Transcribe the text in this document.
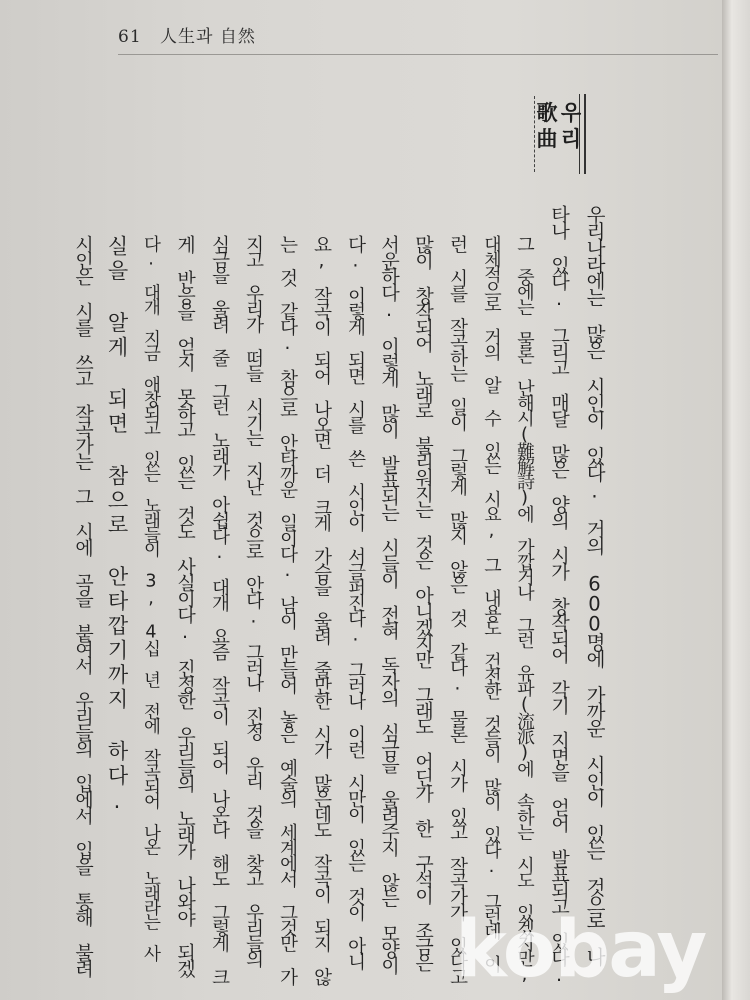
61 人生과 自然
우
리
歌
曲
우리나라에는 많은 시인이 있다. 거의 600명에 가까운 시인이 있는 것으로 나
타나 있다. 그리고 매달 많은 양의 시가 창작되어 각기 지면을 얻어 발표되고 있다.
그 중에는 물론 난해시(難解詩)에 가깝거나 그런 유파(流派)에 속하는 시도 있겠지만,
대체적으로 거의 알 수 있는 시요, 그 내용도 건전한 것들이 많이 있다. 그런데 이
런 시를 작곡하는 일이 그렇게 많지 않은 것 같다. 물론 시가 있고 작곡가가 있다고
많이 창작되어 노래로 불리워지는 것은 아니겠지만 그래도 어딘가 한 구석이 조금은
서운하다. 이렇게 많이 발표되는 시들이 전혀 독자의 심금을 울려주지 않는 모양이
다. 이렇게 되면 시를 쓴 시인이 서글퍼진다. 그러나 이런 시만이 있는 것이 아니
요, 작곡이 되어 나오면 더 크게 가슴을 울려 줄만한 시가 많은데도 작곡이 되지 않
는 것 같다. 참으로 안타까운 일이다. 남이 만들어 놓은 예술의 세계에서 그것만 가
지고 우리가 떠들 시기는 지난 것으로 안다. 그러나 진정 우리 것을 찾고 우리들의
심금을 울려 줄 그런 노래가 아쉽다. 대개 요즘 작곡이 되어 나온다 해도 그렇게 크
게 반응을 얻지 못하고 있는 것도 사실이다. 진정한 우리들의 노래가 나와야 되겠
다. 대개 지금 애창되고 있는 노래들이 3, 4십 년 전에 작곡되어 나온 노래라는 사
실을 알게 되면 참으로 안타깝기까지 하다.
시인은 시를 쓰고 작곡가는 그 시에 곡을 붙여서 우리들의 입에서 입을 통해 불려	kobay
